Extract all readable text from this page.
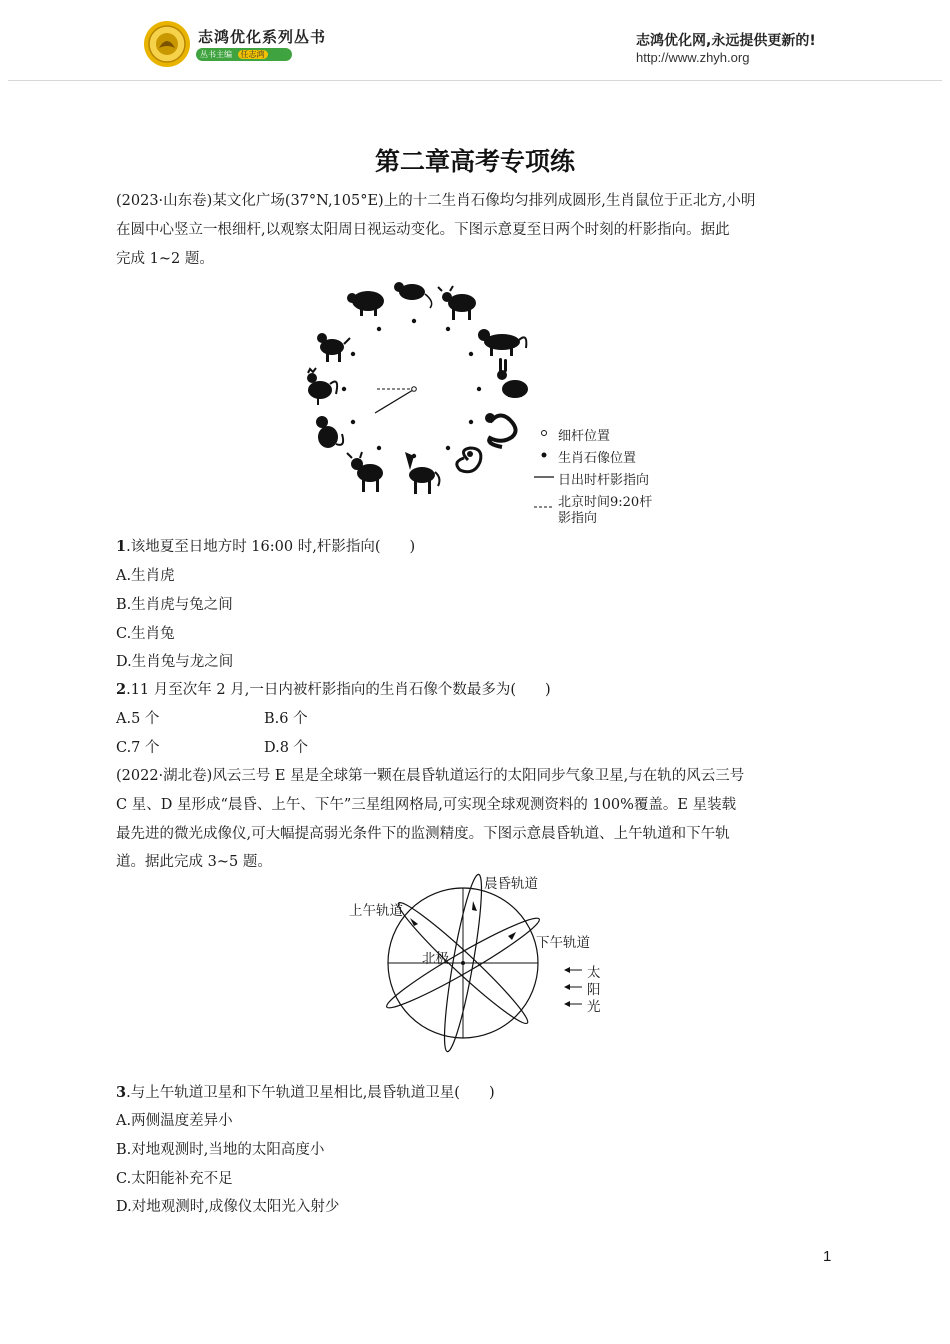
志鸿优化系列丛书
丛书主编 任志鸿
志鸿优化网,永远提供更新的!
http://www.zhyh.org
第二章高考专项练
(2023·山东卷)某文化广场(37°N,105°E)上的十二生肖石像均匀排列成圆形,生肖鼠位于正北方,小明
在圆中心竖立一根细杆,以观察太阳周日视运动变化。下图示意夏至日两个时刻的杆影指向。据此
完成 1~2 题。
细杆位置
生肖石像位置
日出时杆影指向
北京时间9:20杆
影指向
1.该地夏至日地方时 16:00 时,杆影指向(　　)
A.生肖虎
B.生肖虎与兔之间
C.生肖兔
D.生肖兔与龙之间
2.11 月至次年 2 月,一日内被杆影指向的生肖石像个数最多为(　　)
A.5 个	B.6 个
C.7 个	D.8 个
(2022·湖北卷)风云三号 E 星是全球第一颗在晨昏轨道运行的太阳同步气象卫星,与在轨的风云三号
C 星、D 星形成“晨昏、上午、下午”三星组网格局,可实现全球观测资料的 100%覆盖。E 星装载
最先进的微光成像仪,可大幅提高弱光条件下的监测精度。下图示意晨昏轨道、上午轨道和下午轨
道。据此完成 3~5 题。
晨昏轨道
上午轨道
下午轨道
北极
太
阳
光
3.与上午轨道卫星和下午轨道卫星相比,晨昏轨道卫星(　　)
A.两侧温度差异小
B.对地观测时,当地的太阳高度小
C.太阳能补充不足
D.对地观测时,成像仪太阳光入射少
1
